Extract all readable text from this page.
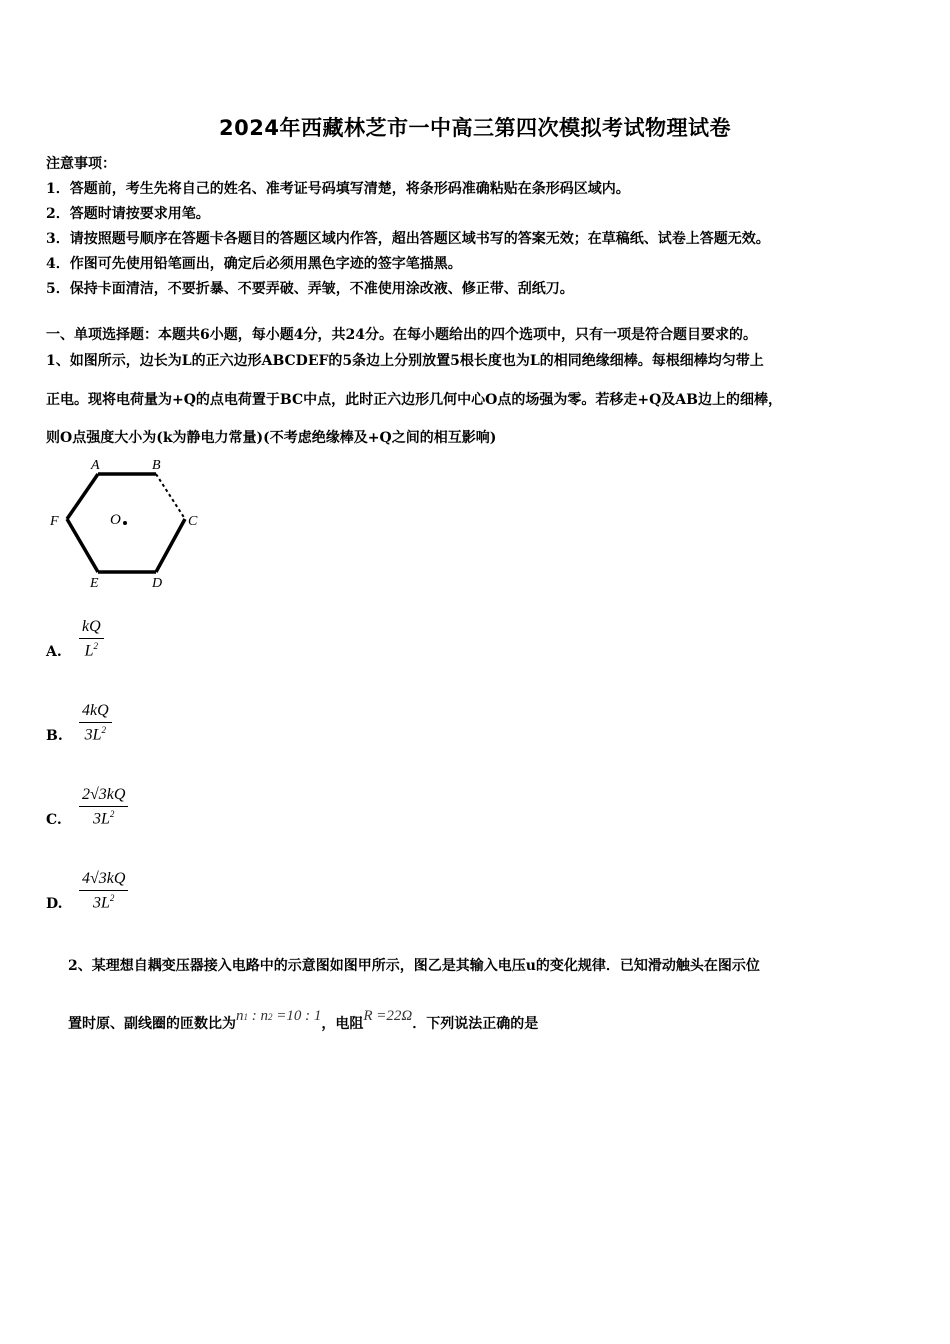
2024年西藏林芝市一中高三第四次模拟考试物理试卷
注意事项：
1．答题前，考生先将自己的姓名、准考证号码填写清楚，将条形码准确粘贴在条形码区域内。
2．答题时请按要求用笔。
3．请按照题号顺序在答题卡各题目的答题区域内作答，超出答题区域书写的答案无效；在草稿纸、试卷上答题无效。
4．作图可先使用铅笔画出，确定后必须用黑色字迹的签字笔描黑。
5．保持卡面清洁，不要折暴、不要弄破、弄皱，不准使用涂改液、修正带、刮纸刀。
一、单项选择题：本题共6小题，每小题4分，共24分。在每小题给出的四个选项中，只有一项是符合题目要求的。
1、如图所示，边长为L的正六边形ABCDEF的5条边上分别放置5根长度也为L的相同绝缘细棒。每根细棒均匀带上
正电。现将电荷量为+Q的点电荷置于BC中点，此时正六边形几何中心O点的场强为零。若移走+Q及AB边上的细棒，
则O点强度大小为(k为静电力常量)(不考虑绝缘棒及+Q之间的相互影响)
A	B
C
D
E
F	O
A. $\frac{kQ}{L^2}$
B. $\frac{4kQ}{3L^2}$
C. $\frac{2√3kQ}{3L^2}$
D. $\frac{4√3kQ}{3L^2}$
2、某理想自耦变压器接入电路中的示意图如图甲所示，图乙是其输入电压u的变化规律．已知滑动触头在图示位
置时原、副线圈的匝数比为n1 : n2 =10 : 1，电阻R =22Ω．下列说法正确的是
